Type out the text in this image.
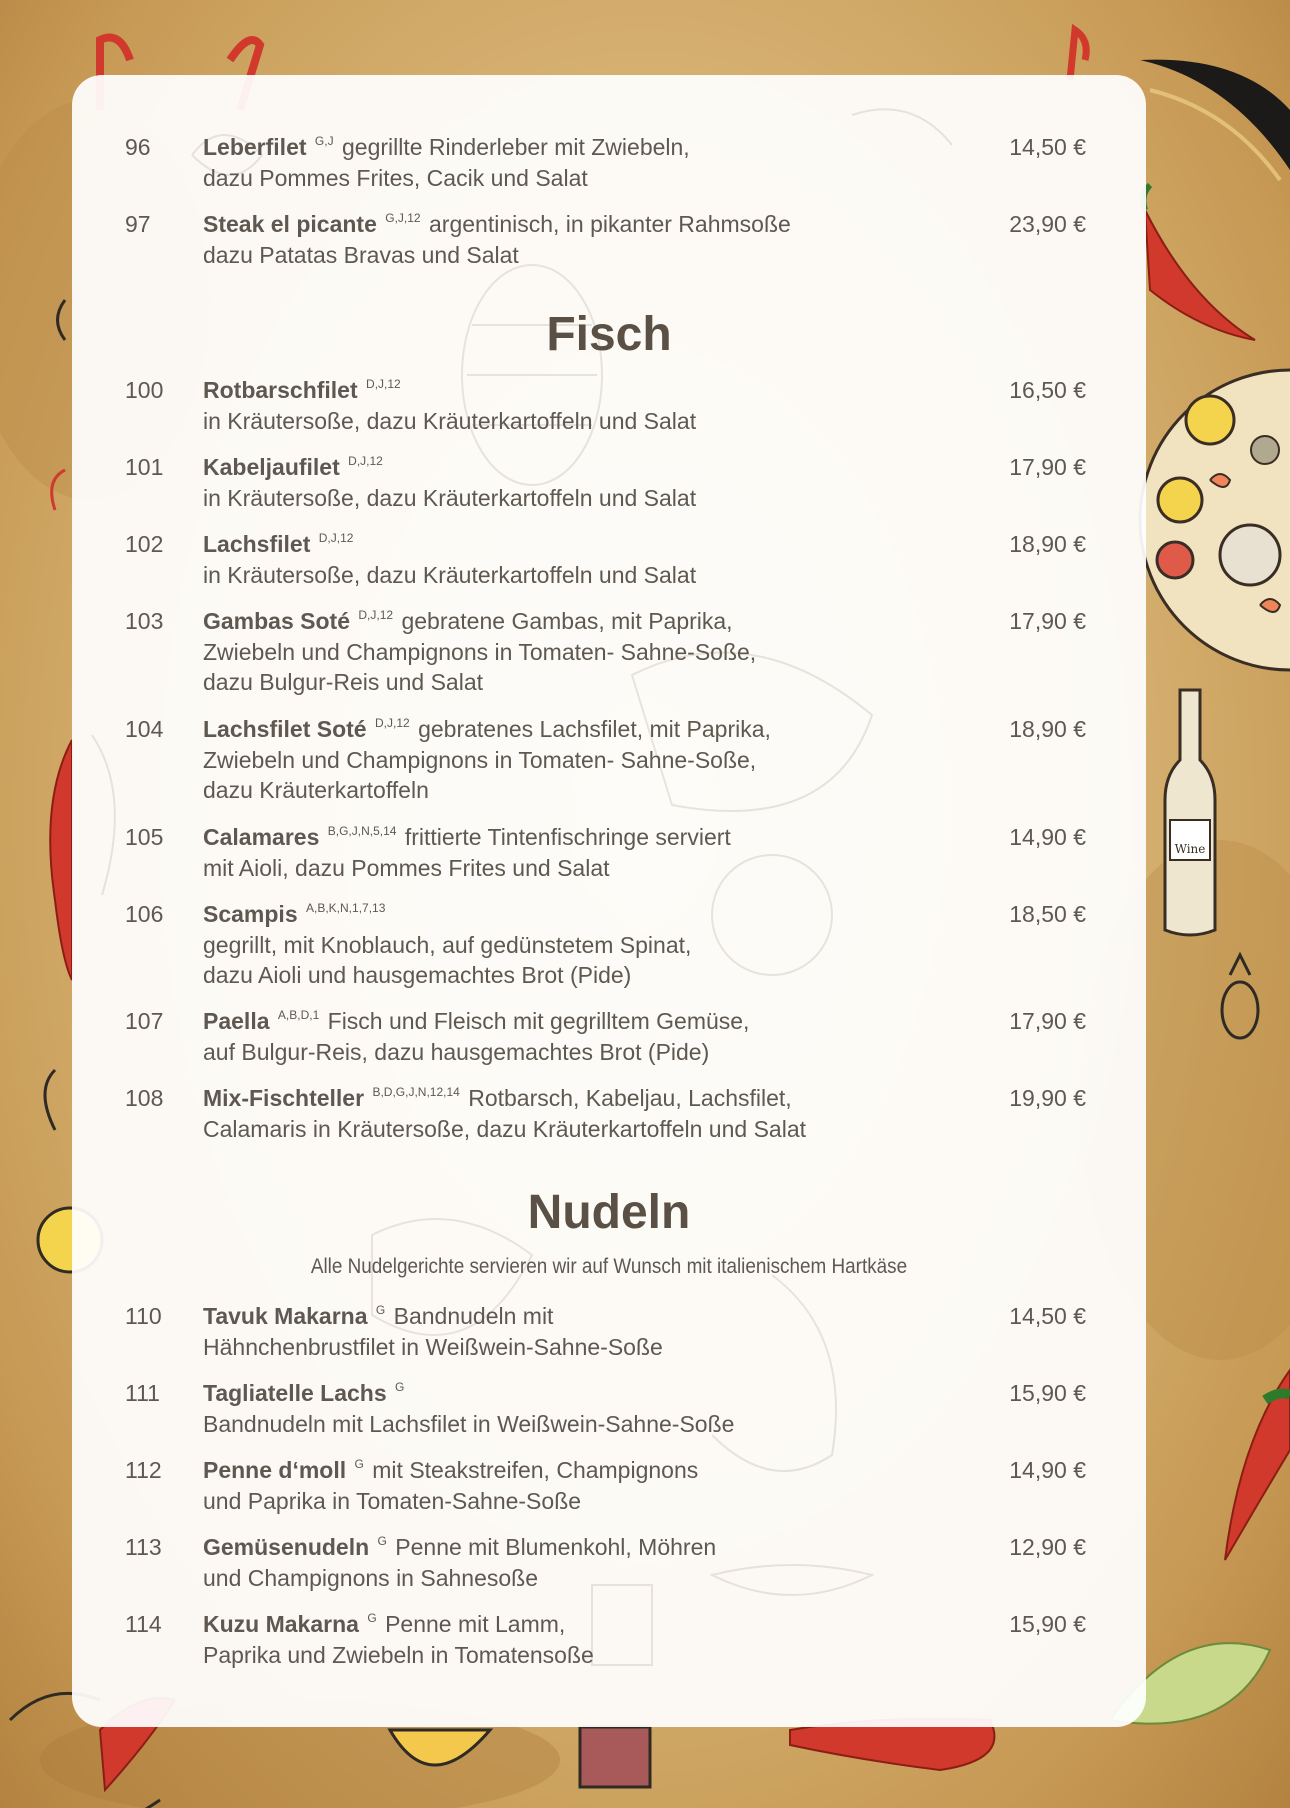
Wine
96 Leberfilet $^{G,J}$ gegrillte Rinderleber mit Zwiebeln,
dazu Pommes Frites, Cacik und Salat
14,50 €
97 Steak el picante $^{G,J,12}$ argentinisch, in pikanter Rahmsoße
dazu Patatas Bravas und Salat
23,90 €
Fisch
100 Rotbarschfilet $^{D,J,12}$
in Kräutersoße, dazu Kräuterkartoffeln und Salat
16,50 €
101 Kabeljaufilet $^{D,J,12}$
in Kräutersoße, dazu Kräuterkartoffeln und Salat
17,90 €
102 Lachsfilet $^{D,J,12}$
in Kräutersoße, dazu Kräuterkartoffeln und Salat
18,90 €
103 Gambas Soté $^{D,J,12}$ gebratene Gambas, mit Paprika,
Zwiebeln und Champignons in Tomaten- Sahne-Soße,
dazu Bulgur-Reis und Salat
17,90 €
104 Lachsfilet Soté $^{D,J,12}$ gebratenes Lachsfilet, mit Paprika,
Zwiebeln und Champignons in Tomaten- Sahne-Soße,
dazu Kräuterkartoffeln
18,90 €
105 Calamares $^{B,G,J,N,5,14}$ frittierte Tintenfischringe serviert
mit Aioli, dazu Pommes Frites und Salat
14,90 €
106 Scampis $^{A,B,K,N,1,7,13}$
gegrillt, mit Knoblauch, auf gedünstetem Spinat,
dazu Aioli und hausgemachtes Brot (Pide)
18,50 €
107 Paella $^{A,B,D,1}$ Fisch und Fleisch mit gegrilltem Gemüse,
auf Bulgur-Reis, dazu hausgemachtes Brot (Pide)
17,90 €
108 Mix-Fischteller $^{B,D,G,J,N,12,14}$ Rotbarsch, Kabeljau, Lachsfilet,
Calamaris in Kräutersoße, dazu Kräuterkartoffeln und Salat
19,90 €
Nudeln
Alle Nudelgerichte servieren wir auf Wunsch mit italienischem Hartkäse
110 Tavuk Makarna $^G$ Bandnudeln mit
Hähnchenbrustfilet in Weißwein-Sahne-Soße
14,50 €
111 Tagliatelle Lachs $^G$
Bandnudeln mit Lachsfilet in Weißwein-Sahne-Soße
15,90 €
112 Penne d‘moll $^G$ mit Steakstreifen, Champignons
und Paprika in Tomaten-Sahne-Soße
14,90 €
113 Gemüsenudeln $^G$ Penne mit Blumenkohl, Möhren
und Champignons in Sahnesoße
12,90 €
114 Kuzu Makarna $^G$ Penne mit Lamm,
Paprika und Zwiebeln in Tomatensoße
15,90 €
